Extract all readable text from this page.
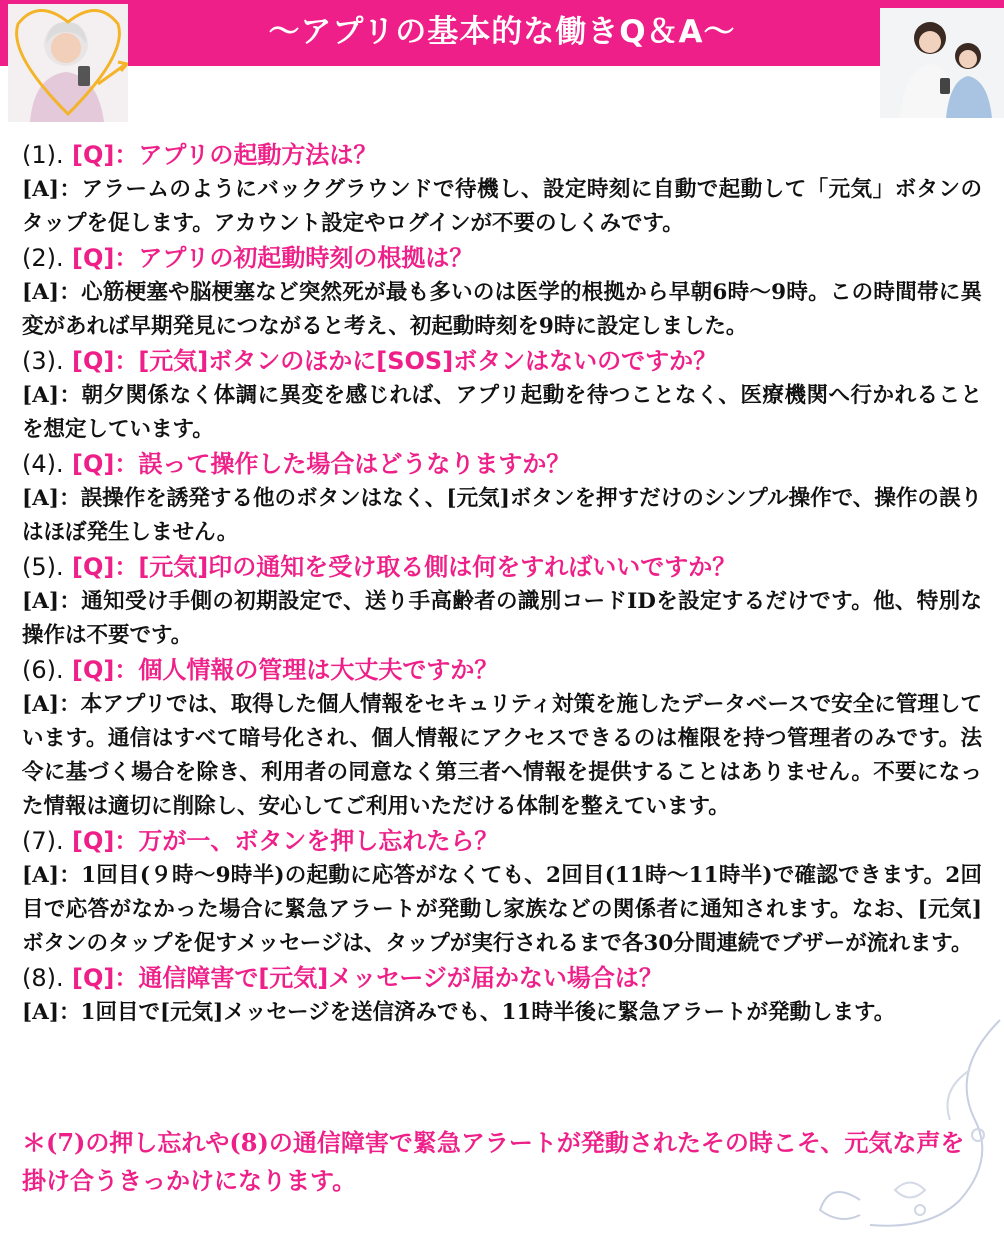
〜アプリの基本的な働きQ＆A〜
(1). [Q]：アプリの起動方法は？
[A]：アラームのようにバックグラウンドで待機し、設定時刻に自動で起動して「元気」ボタンのタップを促します。アカウント設定やログインが不要のしくみです。
(2). [Q]：アプリの初起動時刻の根拠は？
[A]：心筋梗塞や脳梗塞など突然死が最も多いのは医学的根拠から早朝6時〜9時。この時間帯に異変があれば早期発見につながると考え、初起動時刻を9時に設定しました。
(3). [Q]：[元気]ボタンのほかに[SOS]ボタンはないのですか？
[A]：朝夕関係なく体調に異変を感じれば、アプリ起動を待つことなく、医療機関へ行かれることを想定しています。
(4). [Q]：誤って操作した場合はどうなりますか？
[A]：誤操作を誘発する他のボタンはなく、[元気]ボタンを押すだけのシンプル操作で、操作の誤りはほぼ発生しません。
(5). [Q]：[元気]印の通知を受け取る側は何をすればいいですか？
[A]：通知受け手側の初期設定で、送り手高齢者の識別コードIDを設定するだけです。他、特別な操作は不要です。
(6). [Q]：個人情報の管理は大丈夫ですか？
[A]：本アプリでは、取得した個人情報をセキュリティ対策を施したデータベースで安全に管理しています。通信はすべて暗号化され、個人情報にアクセスできるのは権限を持つ管理者のみです。法令に基づく場合を除き、利用者の同意なく第三者へ情報を提供することはありません。不要になった情報は適切に削除し、安心してご利用いただける体制を整えています。
(7). [Q]：万が一、ボタンを押し忘れたら？
[A]：1回目(９時〜9時半)の起動に応答がなくても、2回目(11時〜11時半)で確認できます。2回目で応答がなかった場合に緊急アラートが発動し家族などの関係者に通知されます。なお、[元気]ボタンのタップを促すメッセージは、タップが実行されるまで各30分間連続でブザーが流れます。
(8). [Q]：通信障害で[元気]メッセージが届かない場合は？
[A]：1回目で[元気]メッセージを送信済みでも、11時半後に緊急アラートが発動します。
＊(7)の押し忘れや(8)の通信障害で緊急アラートが発動されたその時こそ、元気な声を掛け合うきっかけになります。
